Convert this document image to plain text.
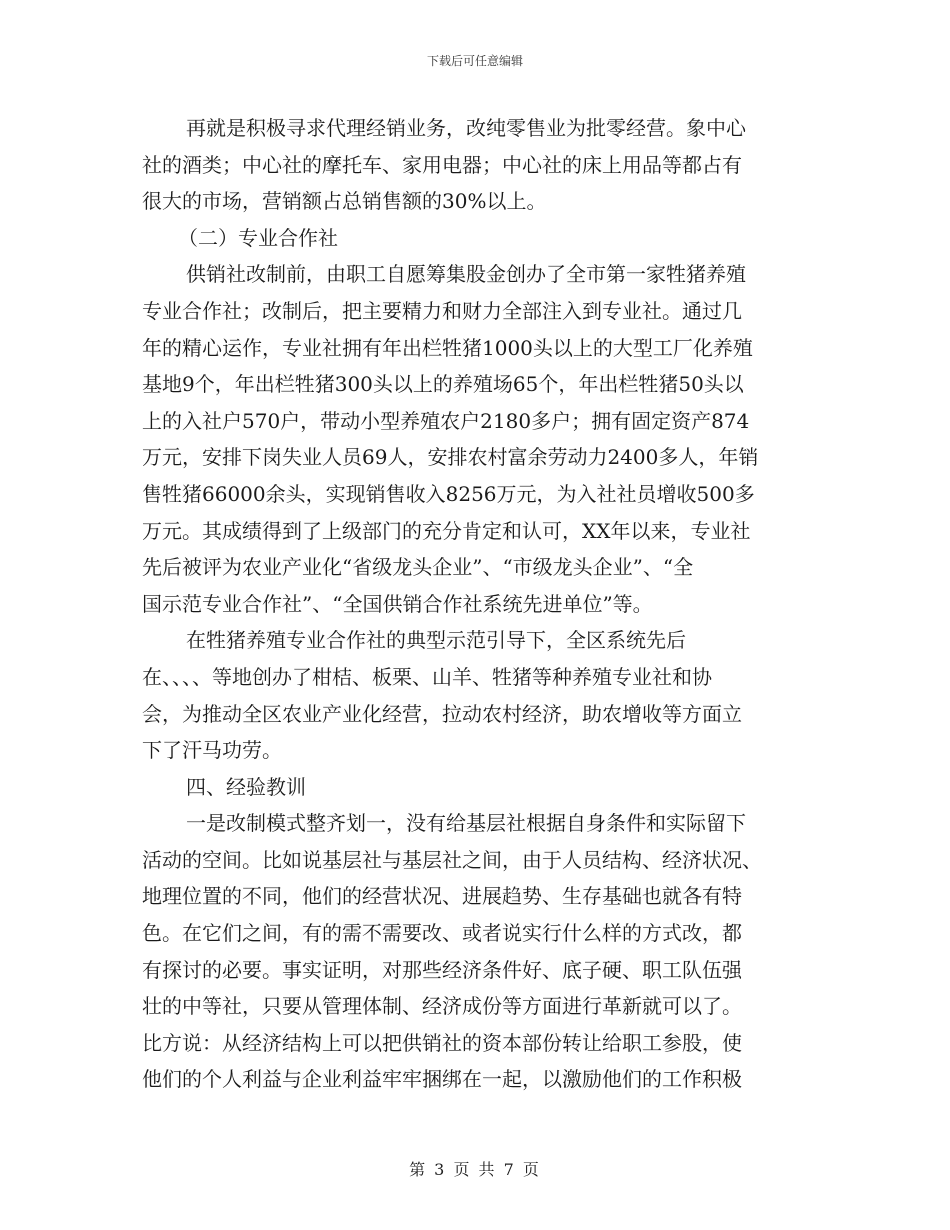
下载后可任意编辑
再就是积极寻求代理经销业务，改纯零售业为批零经营。象中心
社的酒类；中心社的摩托车、家用电器；中心社的床上用品等都占有
很大的市场，营销额占总销售额的30%以上。
（二）专业合作社
供销社改制前，由职工自愿筹集股金创办了全市第一家牲猪养殖
专业合作社；改制后，把主要精力和财力全部注入到专业社。通过几
年的精心运作，专业社拥有年出栏牲猪1000头以上的大型工厂化养殖
基地9个，年出栏牲猪300头以上的养殖场65个，年出栏牲猪50头以
上的入社户570户，带动小型养殖农户2180多户；拥有固定资产874
万元，安排下岗失业人员69人，安排农村富余劳动力2400多人，年销
售牲猪66000余头，实现销售收入8256万元，为入社社员增收500多
万元。其成绩得到了上级部门的充分肯定和认可，XX年以来，专业社
先后被评为农业产业化“省级龙头企业”、“市级龙头企业”、“全
国示范专业合作社”、“全国供销合作社系统先进单位”等。
在牲猪养殖专业合作社的典型示范引导下，全区系统先后
在、、、、等地创办了柑桔、板栗、山羊、牲猪等种养殖专业社和协
会，为推动全区农业产业化经营，拉动农村经济，助农增收等方面立
下了汗马功劳。
四、经验教训
一是改制模式整齐划一，没有给基层社根据自身条件和实际留下
活动的空间。比如说基层社与基层社之间，由于人员结构、经济状况、
地理位置的不同，他们的经营状况、进展趋势、生存基础也就各有特
色。在它们之间，有的需不需要改、或者说实行什么样的方式改，都
有探讨的必要。事实证明，对那些经济条件好、底子硬、职工队伍强
壮的中等社，只要从管理体制、经济成份等方面进行革新就可以了。
比方说：从经济结构上可以把供销社的资本部份转让给职工参股，使
他们的个人利益与企业利益牢牢捆绑在一起，以激励他们的工作积极
第 3 页 共 7 页
